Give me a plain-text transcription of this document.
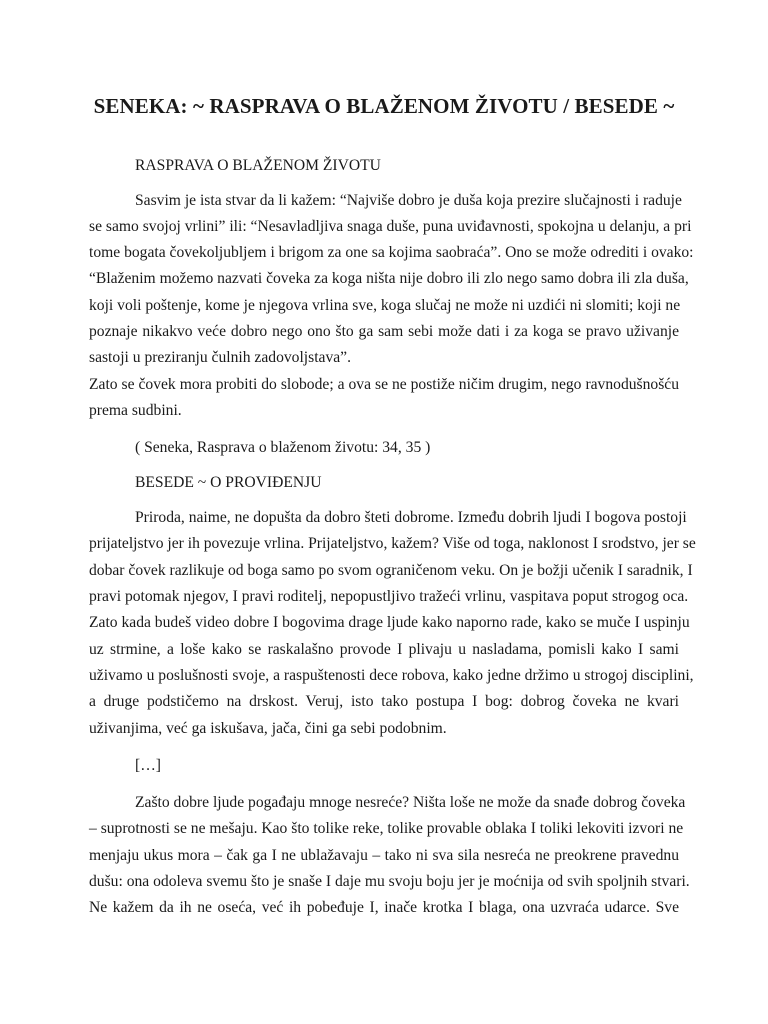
SENEKA: ~ RASPRAVA O BLAŽENOM ŽIVOTU / BESEDE ~

RASPRAVA O BLAŽENOM ŽIVOTU

Sasvim je ista stvar da li kažem: “Najviše dobro je duša koja prezire slučajnosti i raduje

se samo svojoj vrlini” ili: “Nesavladljiva snaga duše, puna uviđavnosti, spokojna u delanju, a pri

tome bogata čovekoljubljem i brigom za one sa kojima saobraća”. Ono se može odrediti i ovako:

“Blaženim možemo nazvati čoveka za koga ništa nije dobro ili zlo nego samo dobra ili zla duša,

koji voli poštenje, kome je njegova vrlina sve, koga slučaj ne može ni uzdići ni slomiti; koji ne

poznaje nikakvo veće dobro nego ono što ga sam sebi može dati i za koga se pravo uživanje

sastoji u preziranju čulnih zadovoljstava”.

Zato se čovek mora probiti do slobode; a ova se ne postiže ničim drugim, nego ravnodušnošću

prema sudbini.

( Seneka, Rasprava o blaženom životu: 34, 35 )

BESEDE ~ O PROVIĐENJU

Priroda, naime, ne dopušta da dobro šteti dobrome. Između dobrih ljudi I bogova postoji

prijateljstvo jer ih povezuje vrlina. Prijateljstvo, kažem? Više od toga, naklonost I srodstvo, jer se

dobar čovek razlikuje od boga samo po svom ograničenom veku. On je božji učenik I saradnik, I

pravi potomak njegov, I pravi roditelj, nepopustljivo tražeći vrlinu, vaspitava poput strogog oca.

Zato kada budeš video dobre I bogovima drage ljude kako naporno rade, kako se muče I uspinju

uz strmine, a loše kako se raskalašno provode I plivaju u nasladama, pomisli kako I sami

uživamo u poslušnosti svoje, a raspuštenosti dece robova, kako jedne držimo u strogoj disciplini,

a druge podstičemo na drskost. Veruj, isto tako postupa I bog: dobrog čoveka ne kvari

uživanjima, već ga iskušava, jača, čini ga sebi podobnim.

[…]

Zašto dobre ljude pogađaju mnoge nesreće? Ništa loše ne može da snađe dobrog čoveka

– suprotnosti se ne mešaju. Kao što tolike reke, tolike provable oblaka I toliki lekoviti izvori ne

menjaju ukus mora – čak ga I ne ublažavaju – tako ni sva sila nesreća ne preokrene pravednu

dušu: ona odoleva svemu što je snaše I daje mu svoju boju jer je moćnija od svih spoljnih stvari.

Ne kažem da ih ne oseća, već ih pobeđuje I, inače krotka I blaga, ona uzvraća udarce. Sve
